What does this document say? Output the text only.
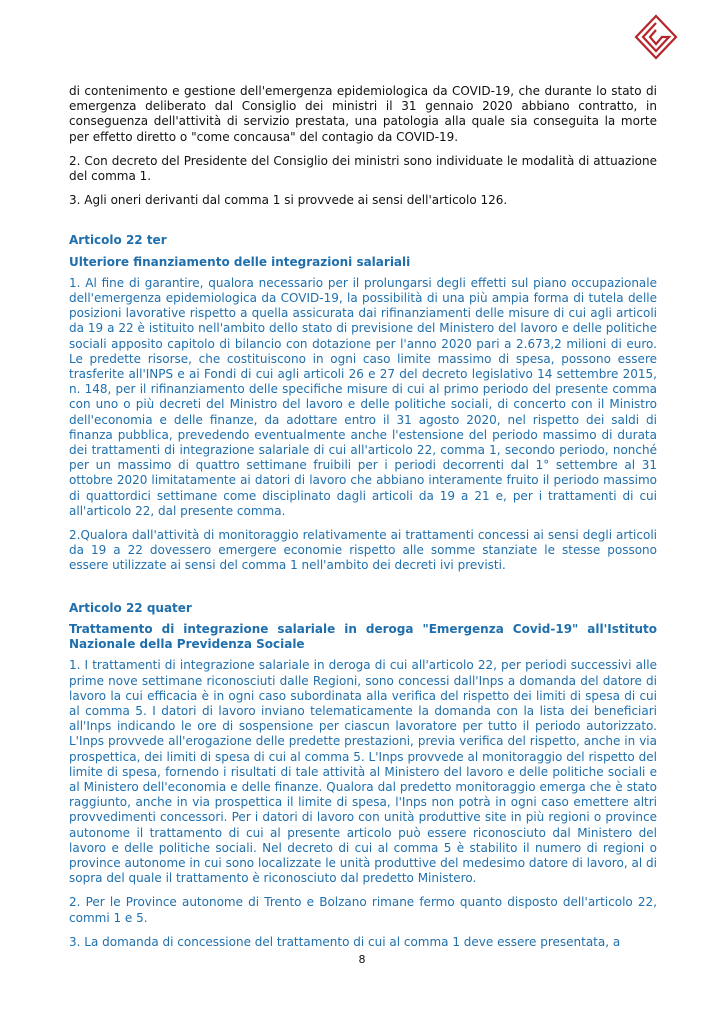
di contenimento e gestione dell'emergenza epidemiologica da COVID-19, che durante lo stato di emergenza deliberato dal Consiglio dei ministri il 31 gennaio 2020 abbiano contratto, in conseguenza dell'attività di servizio prestata, una patologia alla quale sia conseguita la morte per effetto diretto o "come concausa" del contagio da COVID-19.

2. Con decreto del Presidente del Consiglio dei ministri sono individuate le modalità di attuazione del comma 1.

3. Agli oneri derivanti dal comma 1 si provvede ai sensi dell'articolo 126.

Articolo 22 ter

Ulteriore finanziamento delle integrazioni salariali

1. Al fine di garantire, qualora necessario per il prolungarsi degli effetti sul piano occupazionale dell'emergenza epidemiologica da COVID-19, la possibilità di una più ampia forma di tutela delle posizioni lavorative rispetto a quella assicurata dai rifinanziamenti delle misure di cui agli articoli da 19 a 22 è istituito nell'ambito dello stato di previsione del Ministero del lavoro e delle politiche sociali apposito capitolo di bilancio con dotazione per l'anno 2020 pari a 2.673,2 milioni di euro. Le predette risorse, che costituiscono in ogni caso limite massimo di spesa, possono essere trasferite all'INPS e ai Fondi di cui agli articoli 26 e 27 del decreto legislativo 14 settembre 2015, n. 148, per il rifinanziamento delle specifiche misure di cui al primo periodo del presente comma con uno o più decreti del Ministro del lavoro e delle politiche sociali, di concerto con il Ministro dell'economia e delle finanze, da adottare entro il 31 agosto 2020, nel rispetto dei saldi di finanza pubblica, prevedendo eventualmente anche l'estensione del periodo massimo di durata dei trattamenti di integrazione salariale di cui all'articolo 22, comma 1, secondo periodo, nonché per un massimo di quattro settimane fruibili per i periodi decorrenti dal 1° settembre al 31 ottobre 2020 limitatamente ai datori di lavoro che abbiano interamente fruito il periodo massimo di quattordici settimane come disciplinato dagli articoli da 19 a 21 e, per i trattamenti di cui all'articolo 22, dal presente comma.

2.Qualora dall'attività di monitoraggio relativamente ai trattamenti concessi ai sensi degli articoli da 19 a 22 dovessero emergere economie rispetto alle somme stanziate le stesse possono essere utilizzate ai sensi del comma 1 nell'ambito dei decreti ivi previsti.

Articolo 22 quater

Trattamento di integrazione salariale in deroga "Emergenza Covid-19" all'Istituto Nazionale della Previdenza Sociale

1. I trattamenti di integrazione salariale in deroga di cui all'articolo 22, per periodi successivi alle prime nove settimane riconosciuti dalle Regioni, sono concessi dall'Inps a domanda del datore di lavoro la cui efficacia è in ogni caso subordinata alla verifica del rispetto dei limiti di spesa di cui al comma 5. I datori di lavoro inviano telematicamente la domanda con la lista dei beneficiari all'Inps indicando le ore di sospensione per ciascun lavoratore per tutto il periodo autorizzato. L'Inps provvede all'erogazione delle predette prestazioni, previa verifica del rispetto, anche in via prospettica, dei limiti di spesa di cui al comma 5. L'Inps provvede al monitoraggio del rispetto del limite di spesa, fornendo i risultati di tale attività al Ministero del lavoro e delle politiche sociali e al Ministero dell'economia e delle finanze. Qualora dal predetto monitoraggio emerga che è stato raggiunto, anche in via prospettica il limite di spesa, l'Inps non potrà in ogni caso emettere altri provvedimenti concessori. Per i datori di lavoro con unità produttive site in più regioni o province autonome il trattamento di cui al presente articolo può essere riconosciuto dal Ministero del lavoro e delle politiche sociali. Nel decreto di cui al comma 5 è stabilito il numero di regioni o province autonome in cui sono localizzate le unità produttive del medesimo datore di lavoro, al di sopra del quale il trattamento è riconosciuto dal predetto Ministero.

2. Per le Province autonome di Trento e Bolzano rimane fermo quanto disposto dell'articolo 22, commi 1 e 5.

3. La domanda di concessione del trattamento di cui al comma 1 deve essere presentata, a

8
